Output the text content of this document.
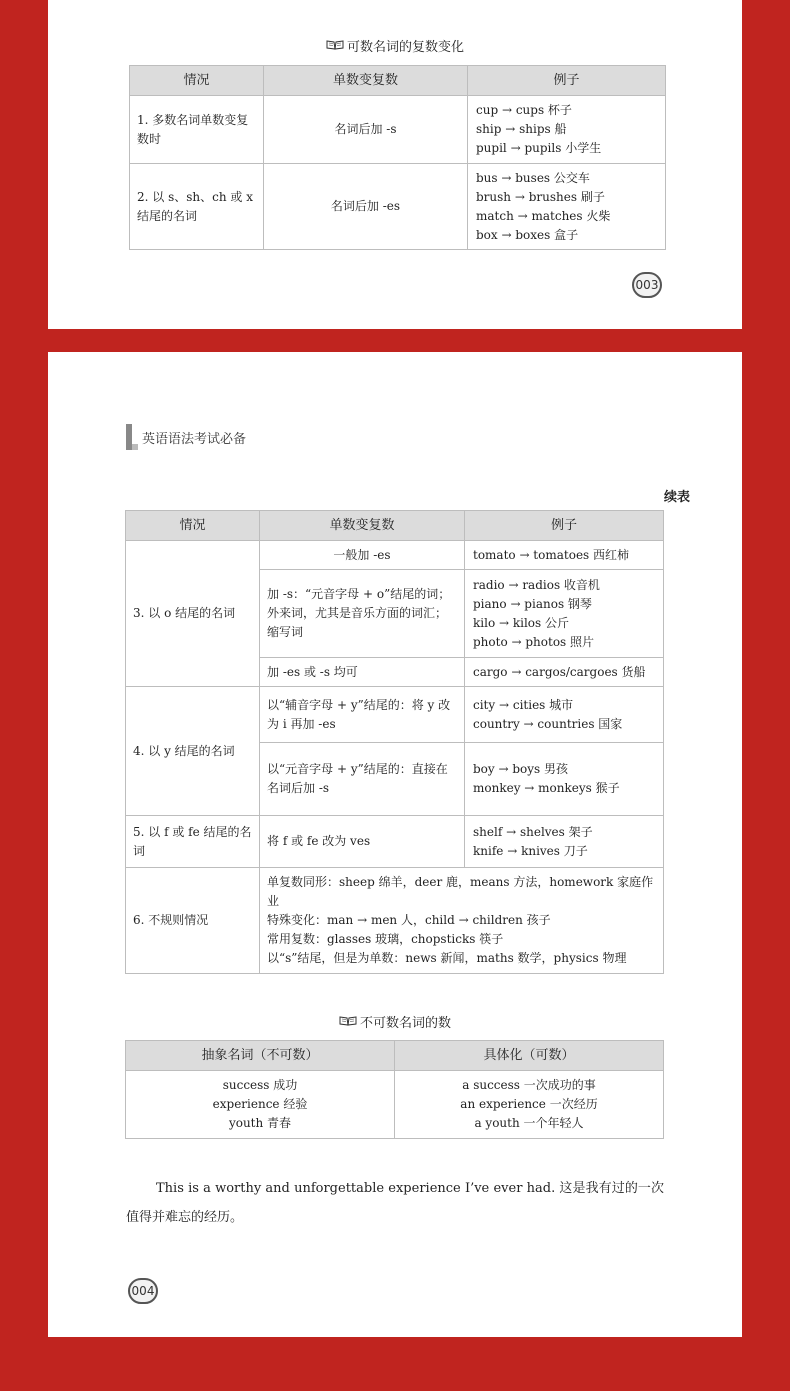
可数名词的复数变化
情况	单数变复数	例子
1. 多数名词单数变复数时	名词后加 -s	cup → cups 杯子
ship → ships 船
pupil → pupils 小学生

2. 以 s、sh、ch 或 x 结尾的名词	名词后加 -es	bus → buses 公交车
brush → brushes 刷子
match → matches 火柴
box → boxes 盒子
003
英语语法考试必备
续表
情况	单数变复数	例子
3. 以 o 结尾的名词	一般加 -es	tomato → tomatoes 西红柿

	加 -s：“元音字母 + o”结尾的词；外来词，尤其是音乐方面的词汇；缩写词	radio → radios 收音机
piano → pianos 钢琴
kilo → kilos 公斤
photo → photos 照片

	加 -es 或 -s 均可	cargo → cargos/cargoes 货船

4. 以 y 结尾的名词	以“辅音字母 + y”结尾的：将 y 改为 i 再加 -es	city → cities 城市
country → countries 国家

	以“元音字母 + y”结尾的：直接在名词后加 -s	boy → boys 男孩
monkey → monkeys 猴子

5. 以 f 或 fe 结尾的名词	将 f 或 fe 改为 ves	shelf → shelves 架子
knife → knives 刀子

6. 不规则情况	单复数同形：sheep 绵羊，deer 鹿，means 方法，homework 家庭作业
特殊变化：man → men 人，child → children 孩子
常用复数：glasses 玻璃，chopsticks 筷子
以“s”结尾，但是为单数：news 新闻，maths 数学，physics 物理	
不可数名词的数
抽象名词（不可数）	具体化（可数）

success 成功
experience 经验
youth 青春	a success 一次成功的事
an experience 一次经历
a youth 一个年轻人
This is a worthy and unforgettable experience I’ve ever had. 这是我有过的一次值得并难忘的经历。
004
